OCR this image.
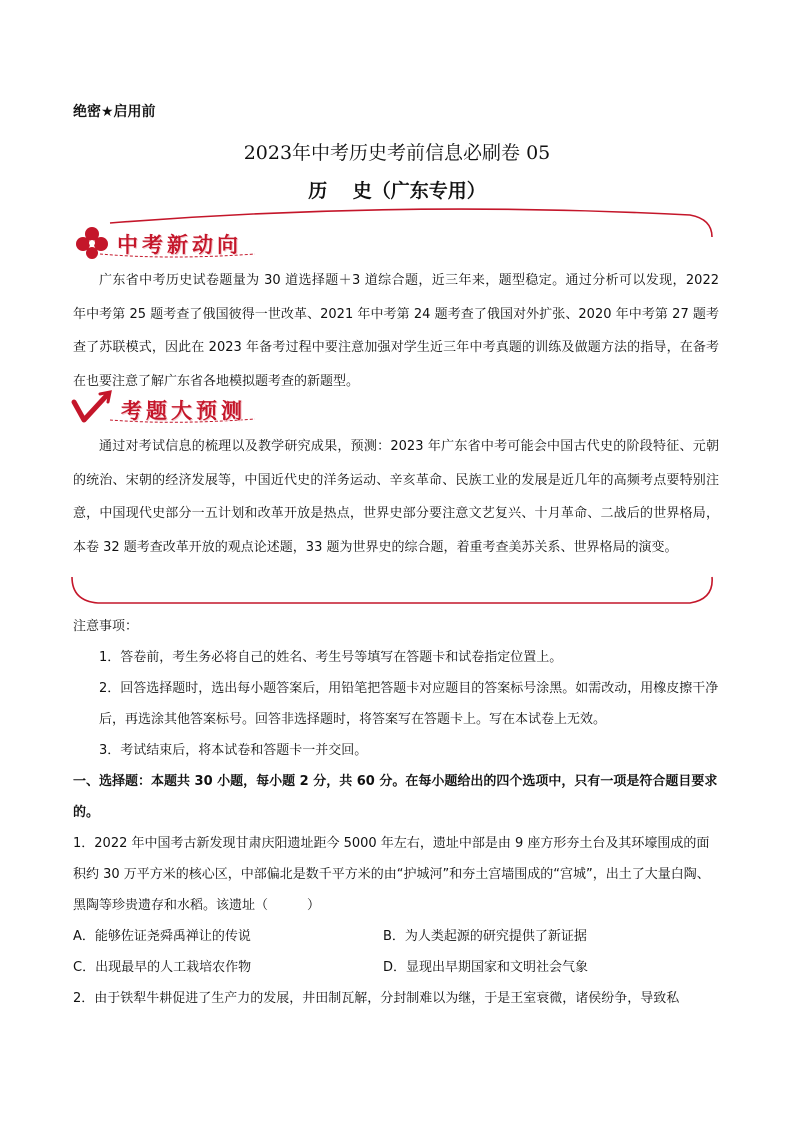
绝密★启用前
2023年中考历史考前信息必刷卷 05
历　 史（广东专用）
中考新动向
广东省中考历史试卷题量为 30 道选择题＋3 道综合题，近三年来，题型稳定。通过分析可以发现，2022 年中考第 25 题考查了俄国彼得一世改革、2021 年中考第 24 题考查了俄国对外扩张、2020 年中考第 27 题考查了苏联模式，因此在 2023 年备考过程中要注意加强对学生近三年中考真题的训练及做题方法的指导，在备考在也要注意了解广东省各地模拟题考查的新题型。
考题大预测
通过对考试信息的梳理以及教学研究成果，预测：2023 年广东省中考可能会中国古代史的阶段特征、元朝的统治、宋朝的经济发展等，中国近代史的洋务运动、辛亥革命、民族工业的发展是近几年的高频考点要特别注意，中国现代史部分一五计划和改革开放是热点，世界史部分要注意文艺复兴、十月革命、二战后的世界格局，本卷 32 题考查改革开放的观点论述题，33 题为世界史的综合题，着重考查美苏关系、世界格局的演变。
注意事项：
1．答卷前，考生务必将自己的姓名、考生号等填写在答题卡和试卷指定位置上。
2．回答选择题时，选出每小题答案后，用铅笔把答题卡对应题目的答案标号涂黑。如需改动，用橡皮擦干净后，再选涂其他答案标号。回答非选择题时，将答案写在答题卡上。写在本试卷上无效。
3．考试结束后，将本试卷和答题卡一并交回。
一、选择题：本题共 30 小题，每小题 2 分，共 60 分。在每小题给出的四个选项中，只有一项是符合题目要求的。
1．2022 年中国考古新发现甘肃庆阳遗址距今 5000 年左右，遗址中部是由 9 座方形夯土台及其环壕围成的面积约 30 万平方米的核心区，中部偏北是数千平方米的由“护城河”和夯土宫墙围成的“宫城”，出土了大量白陶、黑陶等珍贵遗存和水稻。该遗址（　　　）
A．能够佐证尧舜禹禅让的传说	B．为人类起源的研究提供了新证据
C．出现最早的人工栽培农作物	D．显现出早期国家和文明社会气象
2．由于铁犁牛耕促进了生产力的发展，井田制瓦解，分封制难以为继，于是王室衰微，诸侯纷争，导致私
